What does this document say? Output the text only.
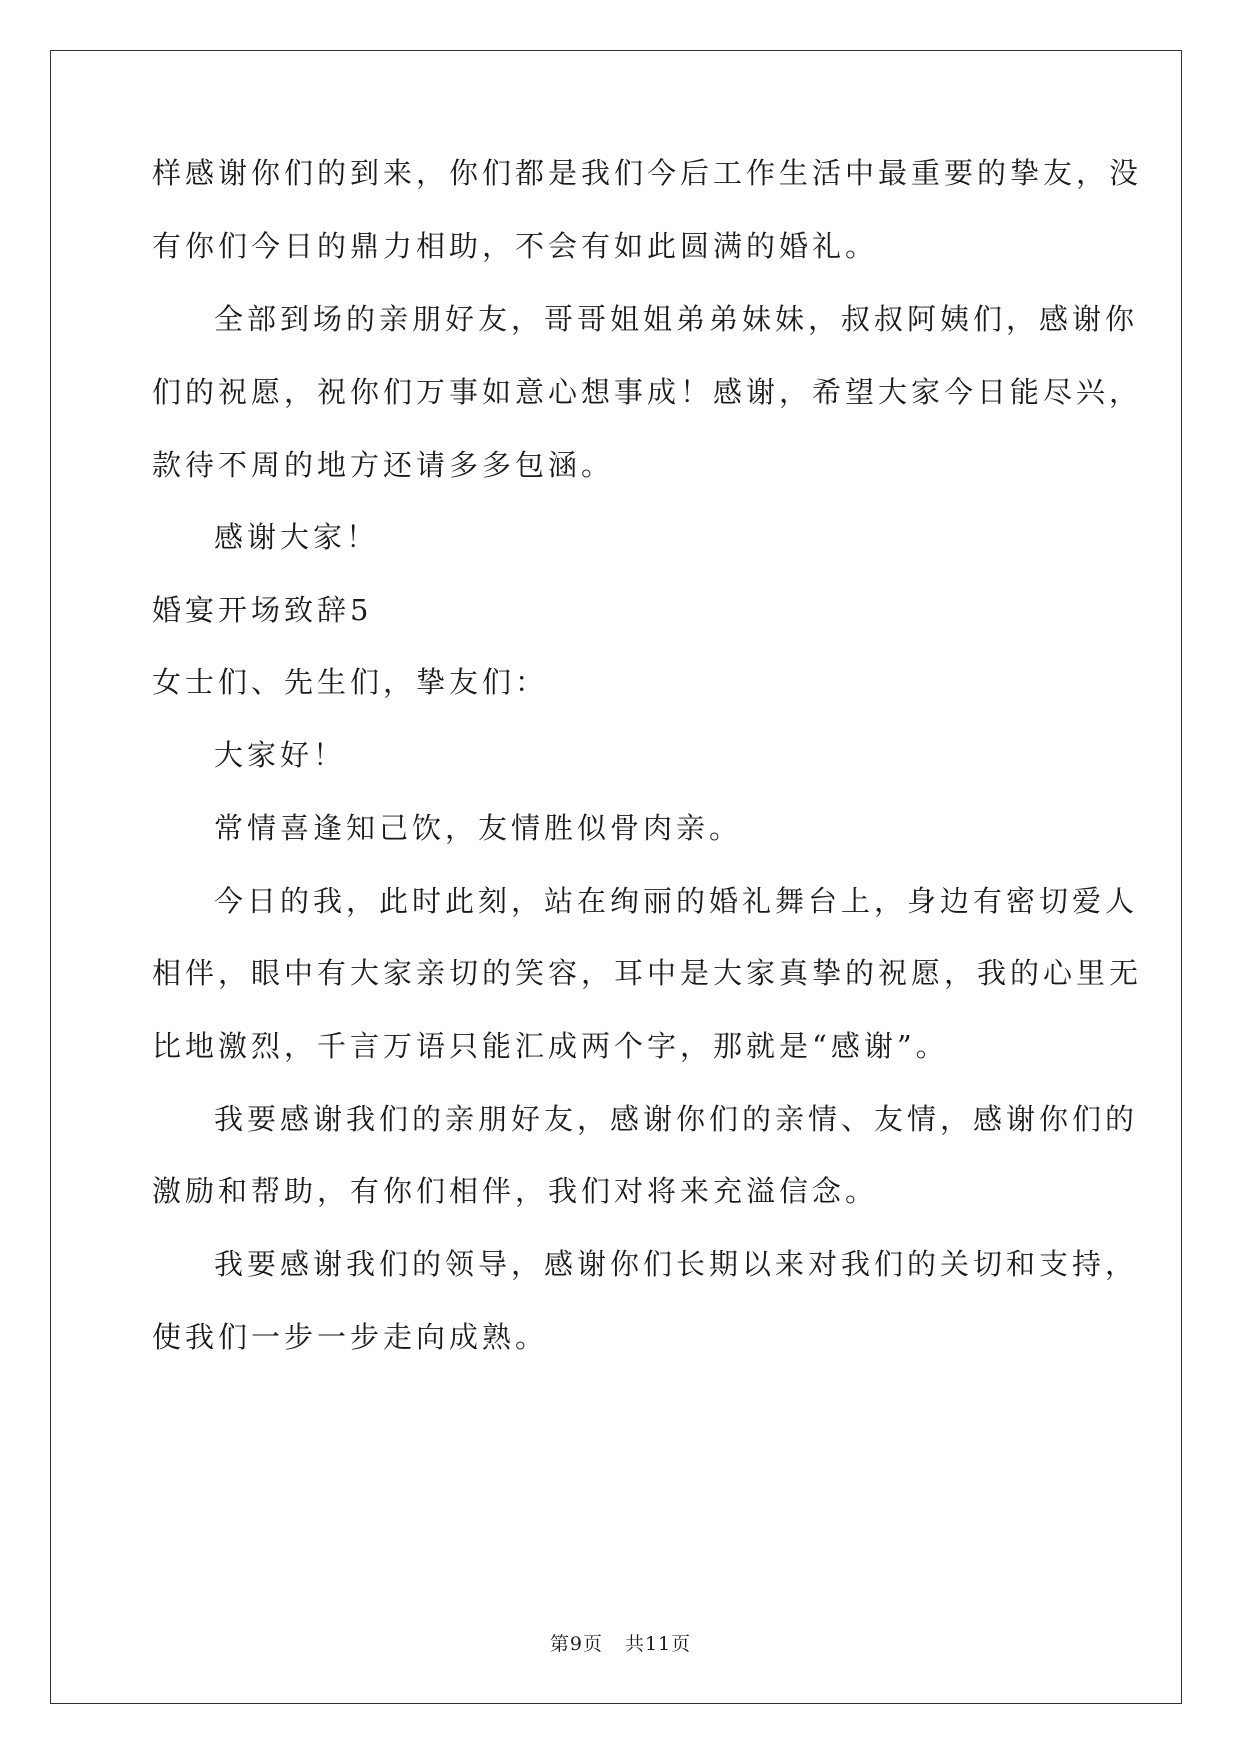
样感谢你们的到来，你们都是我们今后工作生活中最重要的挚友，没
有你们今日的鼎力相助，不会有如此圆满的婚礼。
全部到场的亲朋好友，哥哥姐姐弟弟妹妹，叔叔阿姨们，感谢你
们的祝愿，祝你们万事如意心想事成！感谢，希望大家今日能尽兴，
款待不周的地方还请多多包涵。
感谢大家！
婚宴开场致辞5
女士们、先生们，挚友们：
大家好！
常情喜逢知己饮，友情胜似骨肉亲。
今日的我，此时此刻，站在绚丽的婚礼舞台上，身边有密切爱人
相伴，眼中有大家亲切的笑容，耳中是大家真挚的祝愿，我的心里无
比地激烈，千言万语只能汇成两个字，那就是“感谢”。
我要感谢我们的亲朋好友，感谢你们的亲情、友情，感谢你们的
激励和帮助，有你们相伴，我们对将来充溢信念。
我要感谢我们的领导，感谢你们长期以来对我们的关切和支持，
使我们一步一步走向成熟。
第9页 共11页
